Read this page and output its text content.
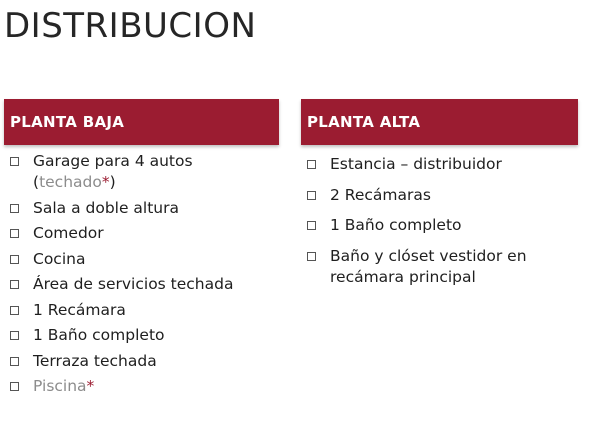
DISTRIBUCION
PLANTA BAJA
Garage para 4 autos
(techado*)
Sala a doble altura
Comedor
Cocina
Área de servicios techada
1 Recámara
1 Baño completo
Terraza techada
Piscina*
PLANTA ALTA
Estancia – distribuidor
2 Recámaras
1 Baño completo
Baño y clóset vestidor en recámara principal
